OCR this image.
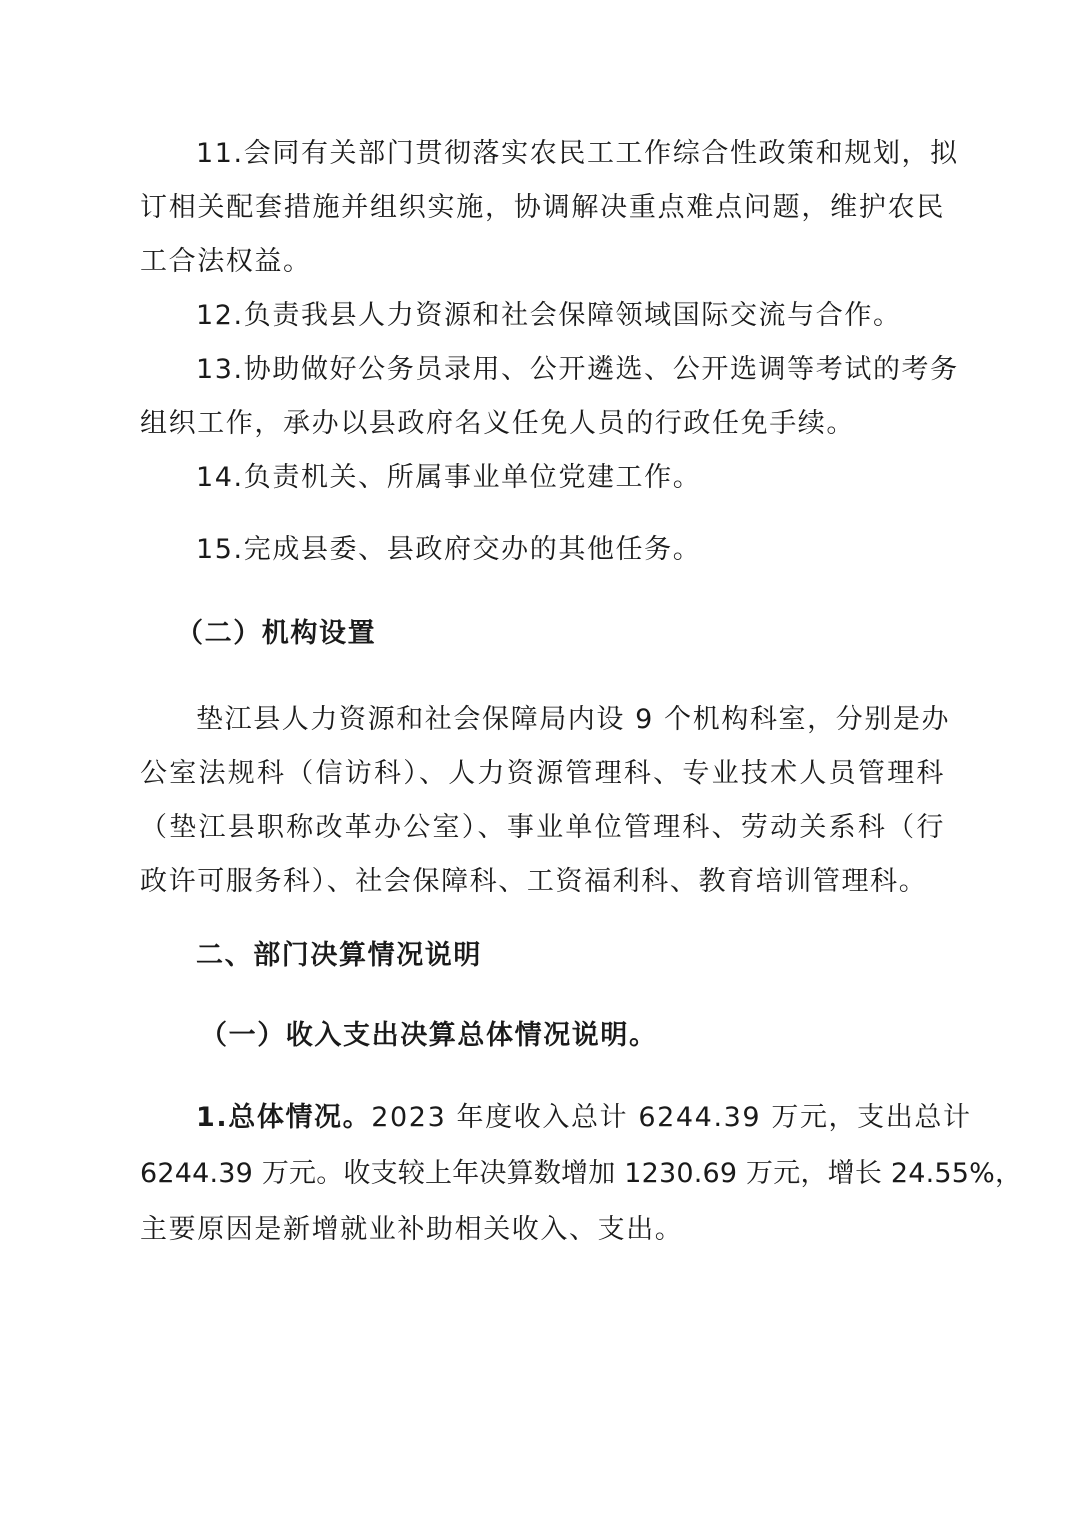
11.会同有关部门贯彻落实农民工工作综合性政策和规划，拟
订相关配套措施并组织实施，协调解决重点难点问题，维护农民
工合法权益。
12.负责我县人力资源和社会保障领域国际交流与合作。
13.协助做好公务员录用、公开遴选、公开选调等考试的考务
组织工作，承办以县政府名义任免人员的行政任免手续。
14.负责机关、所属事业单位党建工作。
15.完成县委、县政府交办的其他任务。
（二）机构设置
垫江县人力资源和社会保障局内设 9 个机构科室，分别是办
公室法规科（信访科）、人力资源管理科、专业技术人员管理科
（垫江县职称改革办公室）、事业单位管理科、劳动关系科（行
政许可服务科）、社会保障科、工资福利科、教育培训管理科。
二、部门决算情况说明
（一）收入支出决算总体情况说明。
1.总体情况。2023 年度收入总计 6244.39 万元，支出总计
6244.39 万元。收支较上年决算数增加 1230.69 万元，增长 24.55%，
主要原因是新增就业补助相关收入、支出。
